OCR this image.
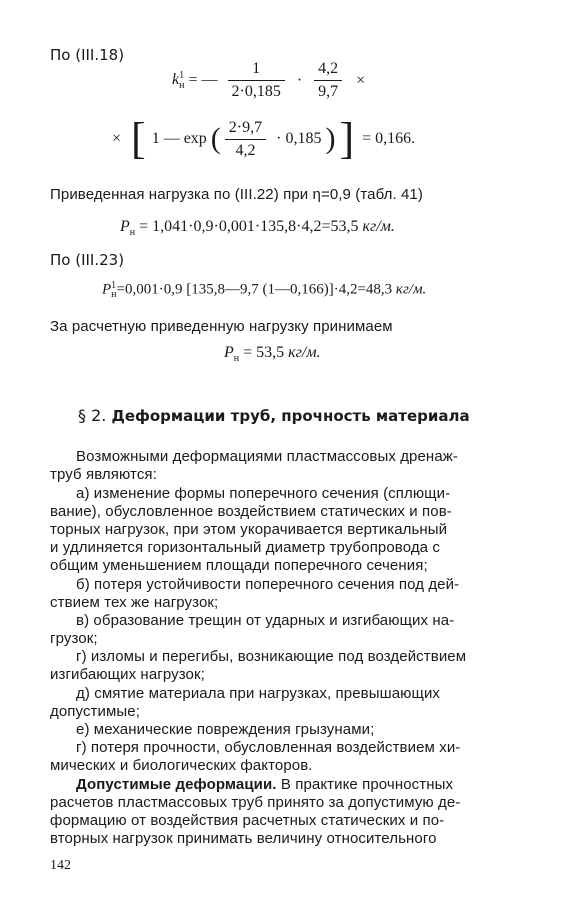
По (III.18)
k 1
н = — $\frac{1}{2\cdot 0,185} \cdot \frac{4,2}{9,7}$ ×
× [ 1 — exp ( $\frac{2\cdot 9,7}{4,2} \cdot 0,185$ ) ] = 0,166.
Приведенная нагрузка по (III.22) при η=0,9 (табл. 41)
$P_н = 1,041\cdot 0,9\cdot 0,001\cdot 135,8\cdot 4,2=53,5$ кг/м.
По (III.23)
P 1
н =0,001·0,9 [135,8—9,7 (1—0,166)]·4,2=48,3 кг/м.
За расчетную приведенную нагрузку принимаем
$P_н = 53,5$ кг/м.
§ 2. Деформации труб, прочность материала
Возможными деформациями пластмассовых дренаж-
труб являются:
а) изменение формы поперечного сечения (сплющи-
вание), обусловленное воздействием статических и пов-
торных нагрузок, при этом укорачивается вертикальный
и удлиняется горизонтальный диаметр трубопровода с
общим уменьшением площади поперечного сечения;
б) потеря устойчивости поперечного сечения под дей-
ствием тех же нагрузок;
в) образование трещин от ударных и изгибающих на-
грузок;
г) изломы и перегибы, возникающие под воздействием
изгибающих нагрузок;
д) смятие материала при нагрузках, превышающих
допустимые;
е) механические повреждения грызунами;
г) потеря прочности, обусловленная воздействием хи-
мических и биологических факторов.
Допустимые деформации. В практике прочностных
расчетов пластмассовых труб принято за допустимую де-
формацию от воздействия расчетных статических и по-
вторных нагрузок принимать величину относительного
142
